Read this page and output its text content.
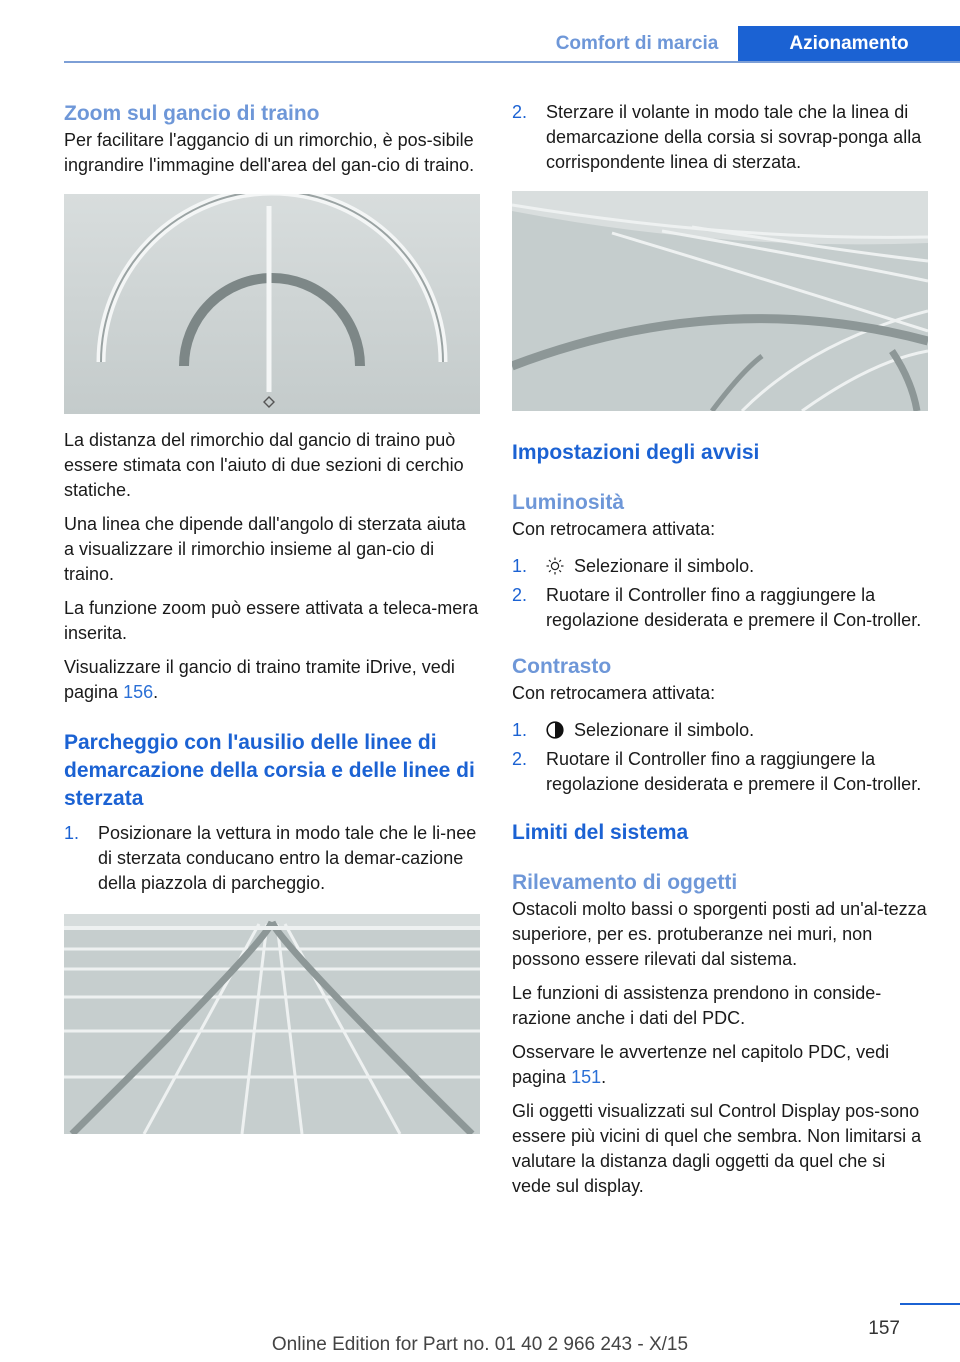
Comfort di marcia	Azionamento
Zoom sul gancio di traino

Per facilitare l'aggancio di un rimorchio, è pos-sibile ingrandire l'immagine dell'area del gan-cio di traino.

La distanza del rimorchio dal gancio di traino può essere stimata con l'aiuto di due sezioni di cerchio statiche.

Una linea che dipende dall'angolo di sterzata aiuta a visualizzare il rimorchio insieme al gan-cio di traino.

La funzione zoom può essere attivata a teleca-mera inserita.

Visualizzare il gancio di traino tramite iDrive, vedi pagina 156.

Parcheggio con l'ausilio delle linee di demarcazione della corsia e delle linee di sterzata
1. Posizionare la vettura in modo tale che le li-nee di sterzata conducano entro la demar-cazione della piazzola di parcheggio.
2. Sterzare il volante in modo tale che la linea di demarcazione della corsia si sovrap-ponga alla corrispondente linea di sterzata.
Impostazioni degli avvisi
Luminosità

Con retrocamera attivata:

1.	Selezionare il simbolo.
2. Ruotare il Controller fino a raggiungere la regolazione desiderata e premere il Con-troller.
Contrasto

Con retrocamera attivata:

1.	Selezionare il simbolo.
2. Ruotare il Controller fino a raggiungere la regolazione desiderata e premere il Con-troller.
Limiti del sistema
Rilevamento di oggetti

Ostacoli molto bassi o sporgenti posti ad un'al-tezza superiore, per es. protuberanze nei muri, non possono essere rilevati dal sistema.

Le funzioni di assistenza prendono in conside-razione anche i dati del PDC.

Osservare le avvertenze nel capitolo PDC, vedi pagina 151.

Gli oggetti visualizzati sul Control Display pos-sono essere più vicini di quel che sembra. Non limitarsi a valutare la distanza dagli oggetti da quel che si vede sul display.

157
Online Edition for Part no. 01 40 2 966 243 - X/15
